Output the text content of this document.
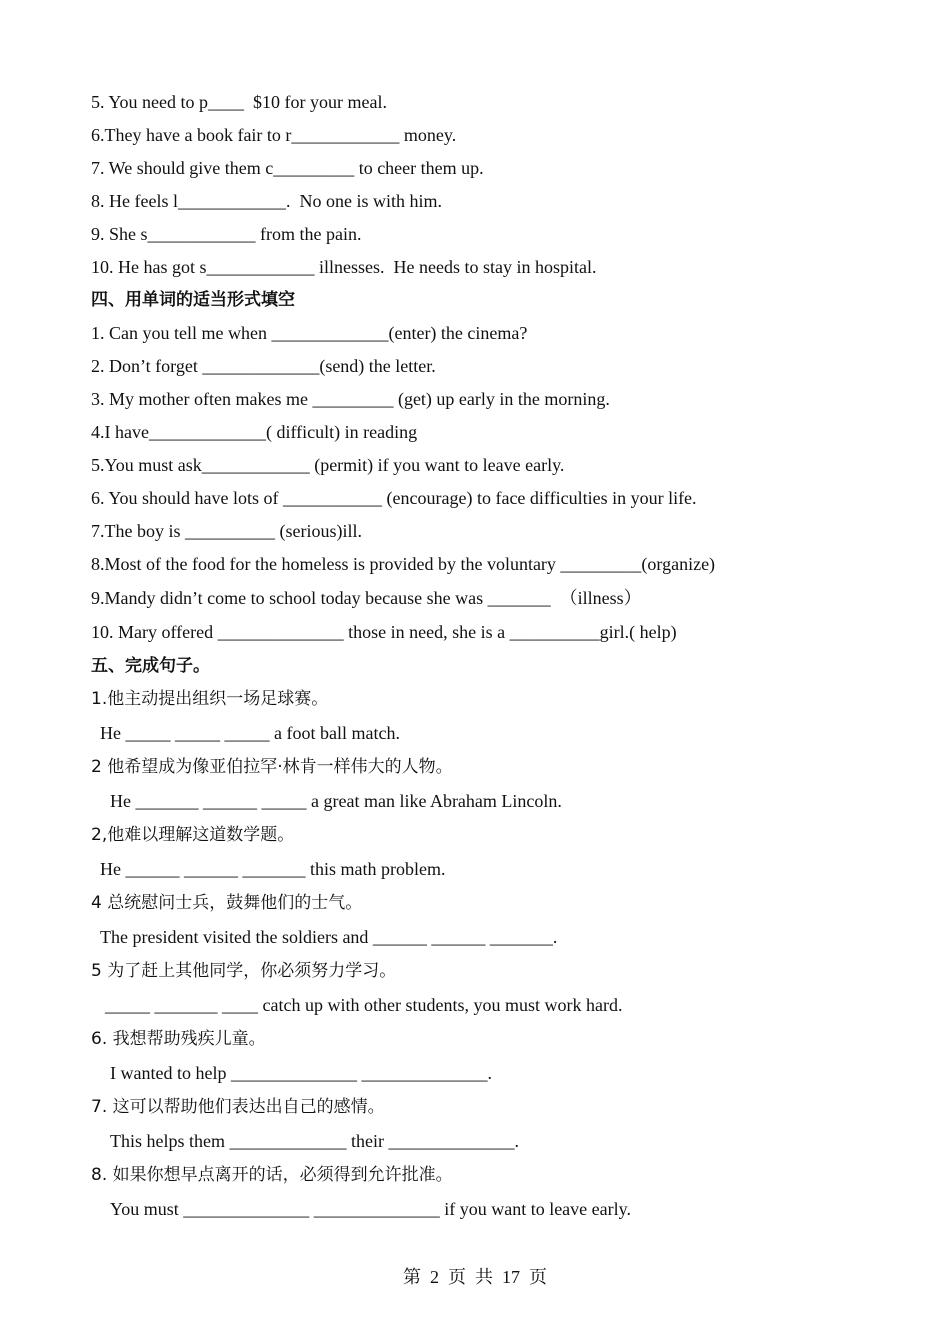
5. You need to p____  $10 for your meal.

6.They have a book fair to r____________ money.

7. We should give them c_________ to cheer them up.

8. He feels l____________.  No one is with him.

9. She s____________ from the pain.

10. He has got s____________ illnesses.  He needs to stay in hospital.

四、用单词的适当形式填空

1. Can you tell me when _____________(enter) the cinema?

2. Don’t forget _____________(send) the letter.

3. My mother often makes me _________ (get) up early in the morning.

4.I have_____________( difficult) in reading

5.You must ask____________ (permit) if you want to leave early.

6. You should have lots of ___________ (encourage) to face difficulties in your life.

7.The boy is __________ (serious)ill.

8.Most of the food for the homeless is provided by the voluntary _________(organize)

9.Mandy didn’t come to school today because she was _______  （illness）

10. Mary offered ______________ those in need, she is a __________girl.( help)

五、完成句子。

1.他主动提出组织一场足球赛。

He _____ _____ _____ a foot ball match.

2 他希望成为像亚伯拉罕·林肯一样伟大的人物。

He _______ ______ _____ a great man like Abraham Lincoln.

2,他难以理解这道数学题。

He ______ ______ _______ this math problem.

4 总统慰问士兵，鼓舞他们的士气。

The president visited the soldiers and ______ ______ _______.

5 为了赶上其他同学，你必须努力学习。

_____ _______ ____ catch up with other students, you must work hard.

6. 我想帮助残疾儿童。

I wanted to help ______________ ______________.

7. 这可以帮助他们表达出自己的感情。

This helps them _____________ their ______________.

8. 如果你想早点离开的话，必须得到允许批准。

You must ______________ ______________ if you want to leave early.

第  2  页  共  17  页
